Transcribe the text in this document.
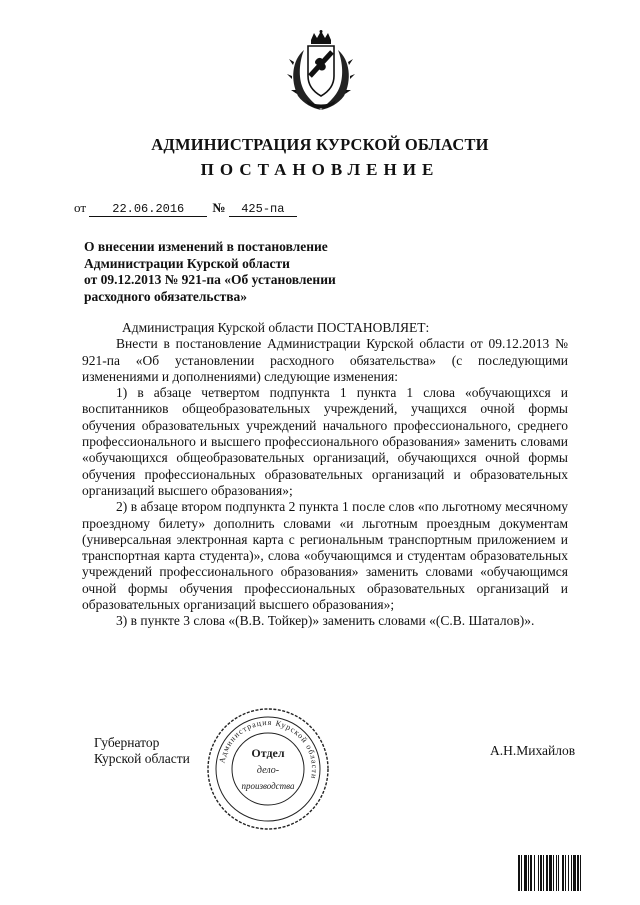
АДМИНИСТРАЦИЯ КУРСКОЙ ОБЛАСТИ
ПОСТАНОВЛЕНИЕ
от 22.06.2016 № 425-па
О внесении изменений в постановление
Администрации Курской области
от 09.12.2013 № 921-па «Об установлении
расходного обязательства»

Администрация Курской области ПОСТАНОВЛЯЕТ:

Внести в постановление Администрации Курской области от 09.12.2013 № 921-па «Об установлении расходного обязательства» (с последующими изменениями и дополнениями) следующие изменения:

1) в абзаце четвертом подпункта 1 пункта 1 слова «обучающихся и воспитанников общеобразовательных учреждений, учащихся очной формы обучения образовательных учреждений начального профессионального, среднего профессионального и высшего профессионального образования» заменить словами «обучающихся общеобразовательных организаций, обучающихся очной формы обучения профессиональных образовательных организаций и образовательных организаций высшего образования»;

2) в абзаце втором подпункта 2 пункта 1 после слов «по льготному месячному проездному билету» дополнить словами «и льготным проездным документам (универсальная электронная карта с региональным транспортным приложением и транспортная карта студента)», слова «обучающимся и студентам образовательных учреждений профессионального образования» заменить словами «обучающимся очной формы обучения профессиональных образовательных организаций и образовательных организаций высшего образования»;

3) в пункте 3 слова «(В.В. Тойкер)» заменить словами «(С.В. Шаталов)».

Губернатор
Курской области
А.Н.Михайлов
Администрация Курской области
Отдел
дело-
производства
